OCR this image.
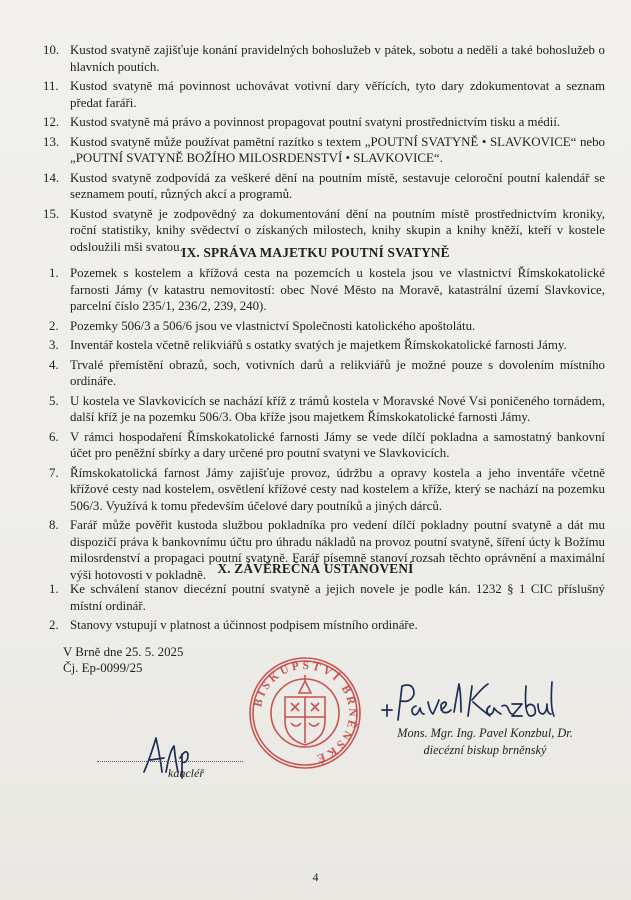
10. Kustod svatyně zajišťuje konání pravidelných bohoslužeb v pátek, sobotu a neděli a také bohoslužeb o hlavních poutích.
11. Kustod svatyně má povinnost uchovávat votivní dary věřících, tyto dary zdokumentovat a seznam předat faráři.
12. Kustod svatyně má právo a povinnost propagovat poutní svatyni prostřednictvím tisku a médií.
13. Kustod svatyně může používat pamětní razítko s textem „POUTNÍ SVATYNĚ • SLAVKOVICE“ nebo „POUTNÍ SVATYNĚ BOŽÍHO MILOSRDENSTVÍ • SLAVKOVICE“.
14. Kustod svatyně zodpovídá za veškeré dění na poutním místě, sestavuje celoroční poutní kalendář se seznamem poutí, různých akcí a programů.
15. Kustod svatyně je zodpovědný za dokumentování dění na poutním místě prostřednictvím kroniky, roční statistiky, knihy svědectví o získaných milostech, knihy skupin a knihy kněží, kteří v kostele odsloužili mši svatou.
IX. SPRÁVA MAJETKU POUTNÍ SVATYNĚ
1. Pozemek s kostelem a křížová cesta na pozemcích u kostela jsou ve vlastnictví Římskokatolické farnosti Jámy (v katastru nemovitostí: obec Nové Město na Moravě, katastrální území Slavkovice, parcelní číslo 235/1, 236/2, 239, 240).
2. Pozemky 506/3 a 506/6 jsou ve vlastnictví Společnosti katolického apoštolátu.
3. Inventář kostela včetně relikviářů s ostatky svatých je majetkem Římskokatolické farnosti Jámy.
4. Trvalé přemístění obrazů, soch, votivních darů a relikviářů je možné pouze s dovolením místního ordináře.
5. U kostela ve Slavkovicích se nachází kříž z trámů kostela v Moravské Nové Vsi poničeného tornádem, další kříž je na pozemku 506/3. Oba kříže jsou majetkem Římskokatolické farnosti Jámy.
6. V rámci hospodaření Římskokatolické farnosti Jámy se vede dílčí pokladna a samostatný bankovní účet pro peněžní sbírky a dary určené pro poutní svatyni ve Slavkovicích.
7. Římskokatolická farnost Jámy zajišťuje provoz, údržbu a opravy kostela a jeho inventáře včetně křížové cesty nad kostelem, osvětlení křížové cesty nad kostelem a kříže, který se nachází na pozemku 506/3. Využívá k tomu především účelové dary poutníků a jiných dárců.
8. Farář může pověřit kustoda službou pokladníka pro vedení dílčí pokladny poutní svatyně a dát mu dispozičí práva k bankovnímu účtu pro úhradu nákladů na provoz poutní svatyně, šíření úcty k Božímu milosrdenství a propagaci poutní svatyně. Farář písemně stanoví rozsah těchto oprávnění a maximální výši hotovosti v pokladně. X. ZÁVĚREČNÁ USTANOVENÍ
1. Ke schválení stanov diecézní poutní svatyně a jejich novele je podle kán. 1232 § 1 CIC příslušný místní ordinář.
2. Stanovy vstupují v platnost a účinnost podpisem místního ordináře.
V Brně dne 25. 5. 2025
Čj. Ep-0099/25
BISKUPSTVÍ BRNĚNSKÉ
kancléř
Mons. Mgr. Ing. Pavel Konzbul, Dr.
diecézní biskup brněnský
4
